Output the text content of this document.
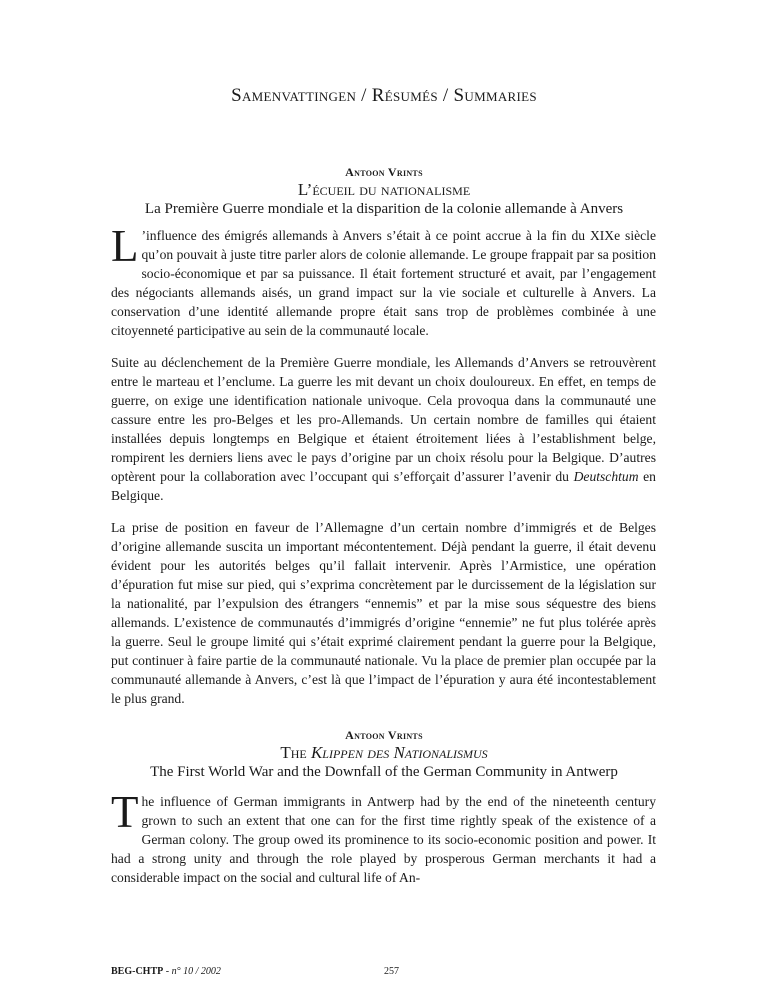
Samenvattingen / Résumés / Summaries
Antoon Vrints
L’écueil du nationalisme
La Première Guerre mondiale et la disparition de la colonie allemande à Anvers

L ’influence des émigrés allemands à Anvers s’était à ce point accrue à la fin du XIXe siècle qu’on pouvait à juste titre parler alors de colonie allemande. Le groupe frappait par sa position socio-économique et par sa puissance. Il était fortement structuré et avait, par l’engagement des négociants allemands aisés, un grand impact sur la vie sociale et culturelle à Anvers. La conservation d’une identité allemande propre était sans trop de problèmes combinée à une citoyenneté participative au sein de la communauté locale.

Suite au déclenchement de la Première Guerre mondiale, les Allemands d’Anvers se retrouvèrent entre le marteau et l’enclume. La guerre les mit devant un choix douloureux. En effet, en temps de guerre, on exige une identification nationale univoque. Cela provoqua dans la communauté une cassure entre les pro-Belges et les pro-Allemands. Un certain nombre de familles qui étaient installées depuis longtemps en Belgique et étaient étroitement liées à l’establishment belge, rompirent les derniers liens avec le pays d’origine par un choix résolu pour la Belgique. D’autres optèrent pour la collaboration avec l’occupant qui s’efforçait d’assurer l’avenir du Deutschtum en Belgique.

La prise de position en faveur de l’Allemagne d’un certain nombre d’immigrés et de Belges d’origine allemande suscita un important mécontentement. Déjà pendant la guerre, il était devenu évident pour les autorités belges qu’il fallait intervenir. Après l’Armistice, une opération d’épuration fut mise sur pied, qui s’exprima concrètement par le durcissement de la législation sur la nationalité, par l’expulsion des étrangers “ennemis” et par la mise sous séquestre des biens allemands. L’existence de communautés d’immigrés d’origine “ennemie” ne fut plus tolérée après la guerre. Seul le groupe limité qui s’était exprimé clairement pendant la guerre pour la Belgique, put continuer à faire partie de la communauté nationale. Vu la place de premier plan occupée par la communauté allemande à Anvers, c’est là que l’impact de l’épuration y aura été incontestablement le plus grand.

Antoon Vrints
The Klippen des Nationalismus
The First World War and the Downfall of the German Community in Antwerp

The influence of German immigrants in Antwerp had by the end of the nineteenth century grown to such an extent that one can for the first time rightly speak of the existence of a German colony. The group owed its prominence to its socio-economic position and power. It had a strong unity and through the role played by prosperous German merchants it had a considerable impact on the social and cultural life of An-

BEG-CHTP - n° 10 / 2002	257
